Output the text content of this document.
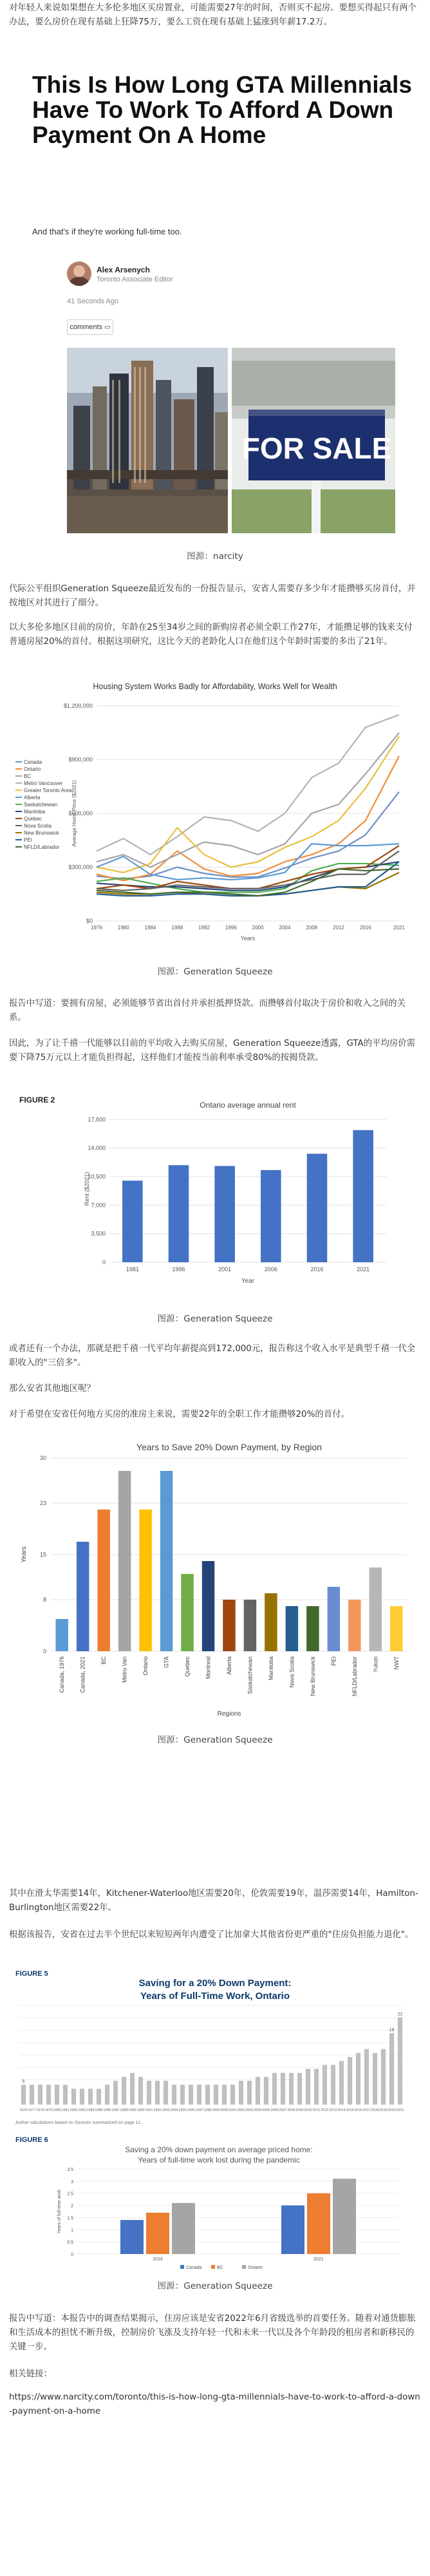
对年轻人来说如果想在大多伦多地区买房置业，可能需要27年的时间，否则买不起房。要想买得起只有两个办法，要么房价在现有基础上狂降75万，要么工资在现有基础上猛涨到年薪17.2万。

This Is How Long GTA Millennials Have To Work To Afford A Down Payment On A Home
And that's if they're working full-time too.
Alex Arsenych
Toronto Associate Editor
41 Seconds Ago
comments ▭
FOR SALE
图源：narcity

代际公平组织Generation Squeeze最近发布的一份报告显示，安省人需要存多少年才能攒够买房首付，并按地区对其进行了细分。

以大多伦多地区目前的房价，年龄在25至34岁之间的新购房者必须全职工作27年，才能攒足够的钱来支付普通房屋20%的首付。根据这项研究，这比今天的老龄化人口在他们这个年龄时需要的多出了21年。

Housing System Works Badly for Affordability, Works Well for Wealth
$0
$300,000
$600,000
$900,000
$1,200,000
1976	1980	1984	1988	1992	1996	2000	2004	2008	2012	2016	2021
Years
Average Home Price ($2021)
Canada
Ontario
BC
Metro Vancouver
Greater Toronto Area
Alberta
Saskatchewan
Manitoba
Quebec
Nova Scotia
New Brunswick
PEI
NFLD/Labrador
图源：Generation Squeeze

报告中写道：要拥有房屋，必须能够节省出首付并承担抵押贷款。而攒够首付取决于房价和收入之间的关系。

因此，为了让千禧一代能够以目前的平均收入去购买房屋，Generation Squeeze透露，GTA的平均房价需要下降75万元以上才能负担得起，这样他们才能按当前利率承受80%的按揭贷款。

FIGURE 2
Ontario average annual rent
0
3,500
7,000
10,500
14,000
17,500
1981	1996	2001	2006	2016	2021
Year
Rent ($2021)
图源：Generation Squeeze

或者还有一个办法，那就是把千禧一代平均年薪提高到172,000元，报告称这个收入水平是典型千禧一代全职收入的"三倍多"。

那么安省其他地区呢？

对于希望在安省任何地方买房的准房主来说，需要22年的全职工作才能攒够20%的首付。

Years to Save 20% Down Payment, by Region
0
8
15
23
30
Canada, 1976 Canada, 2021 BC Metro Van Ontario GTA Quebec Montreal Alberta Saskatchewan Manitoba Nova Scotia New Brunswick PEI NFLD/Labrador Yukon NWT
Regions
Years

其中在滑太华需要14年，Kitchener-Waterloo地区需要20年，伦敦需要19年，温莎需要14年，Hamilton-Burlington地区需要22年。

根据该报告，安省在过去半个世纪以来短短两年内遭受了比加拿大其他省份更严重的"住房负担能力退化"。

FIGURE 5
Saving for a 20% Down Payment:
Years of Full-Time Work, Ontario
1976
5
1977 1978 1979 1980 1981 1982 1983 1984 1985 1986 1987 1988 1989 1990 1991 1992 1993 1994 1995 1996 1997 1998 1999 2000 2001 2002 2003 2004 2005 2006 2007 2008 2009 2010 2011 2012 2013 2014 2015 2016 2017 2018 2019 2020
18
2021
22
Author calculations based on Sources summarized on page 11.
FIGURE 6
Saving a 20% down payment on average priced home:
Years of full-time work lost during the pandemic
0
0.5
1
1.5
2
2.5
3
3.5
Years of full-time work
2019	2021
Canada	BC	Ontario
图源：Generation Squeeze

报告中写道：本报告中的调查结果揭示，住房应该是安省2022年6月省级选举的首要任务。随着对通货膨胀和生活成本的担忧不断升级，控制房价飞涨及支持年轻一代和未来一代以及各个年龄段的租房者和新移民的关键一步。

相关链接：

https://www.narcity.com/toronto/this-is-how-long-gta-millennials-have-to-work-to-afford-a-down-payment-on-a-home

图源：Generation Squeeze
